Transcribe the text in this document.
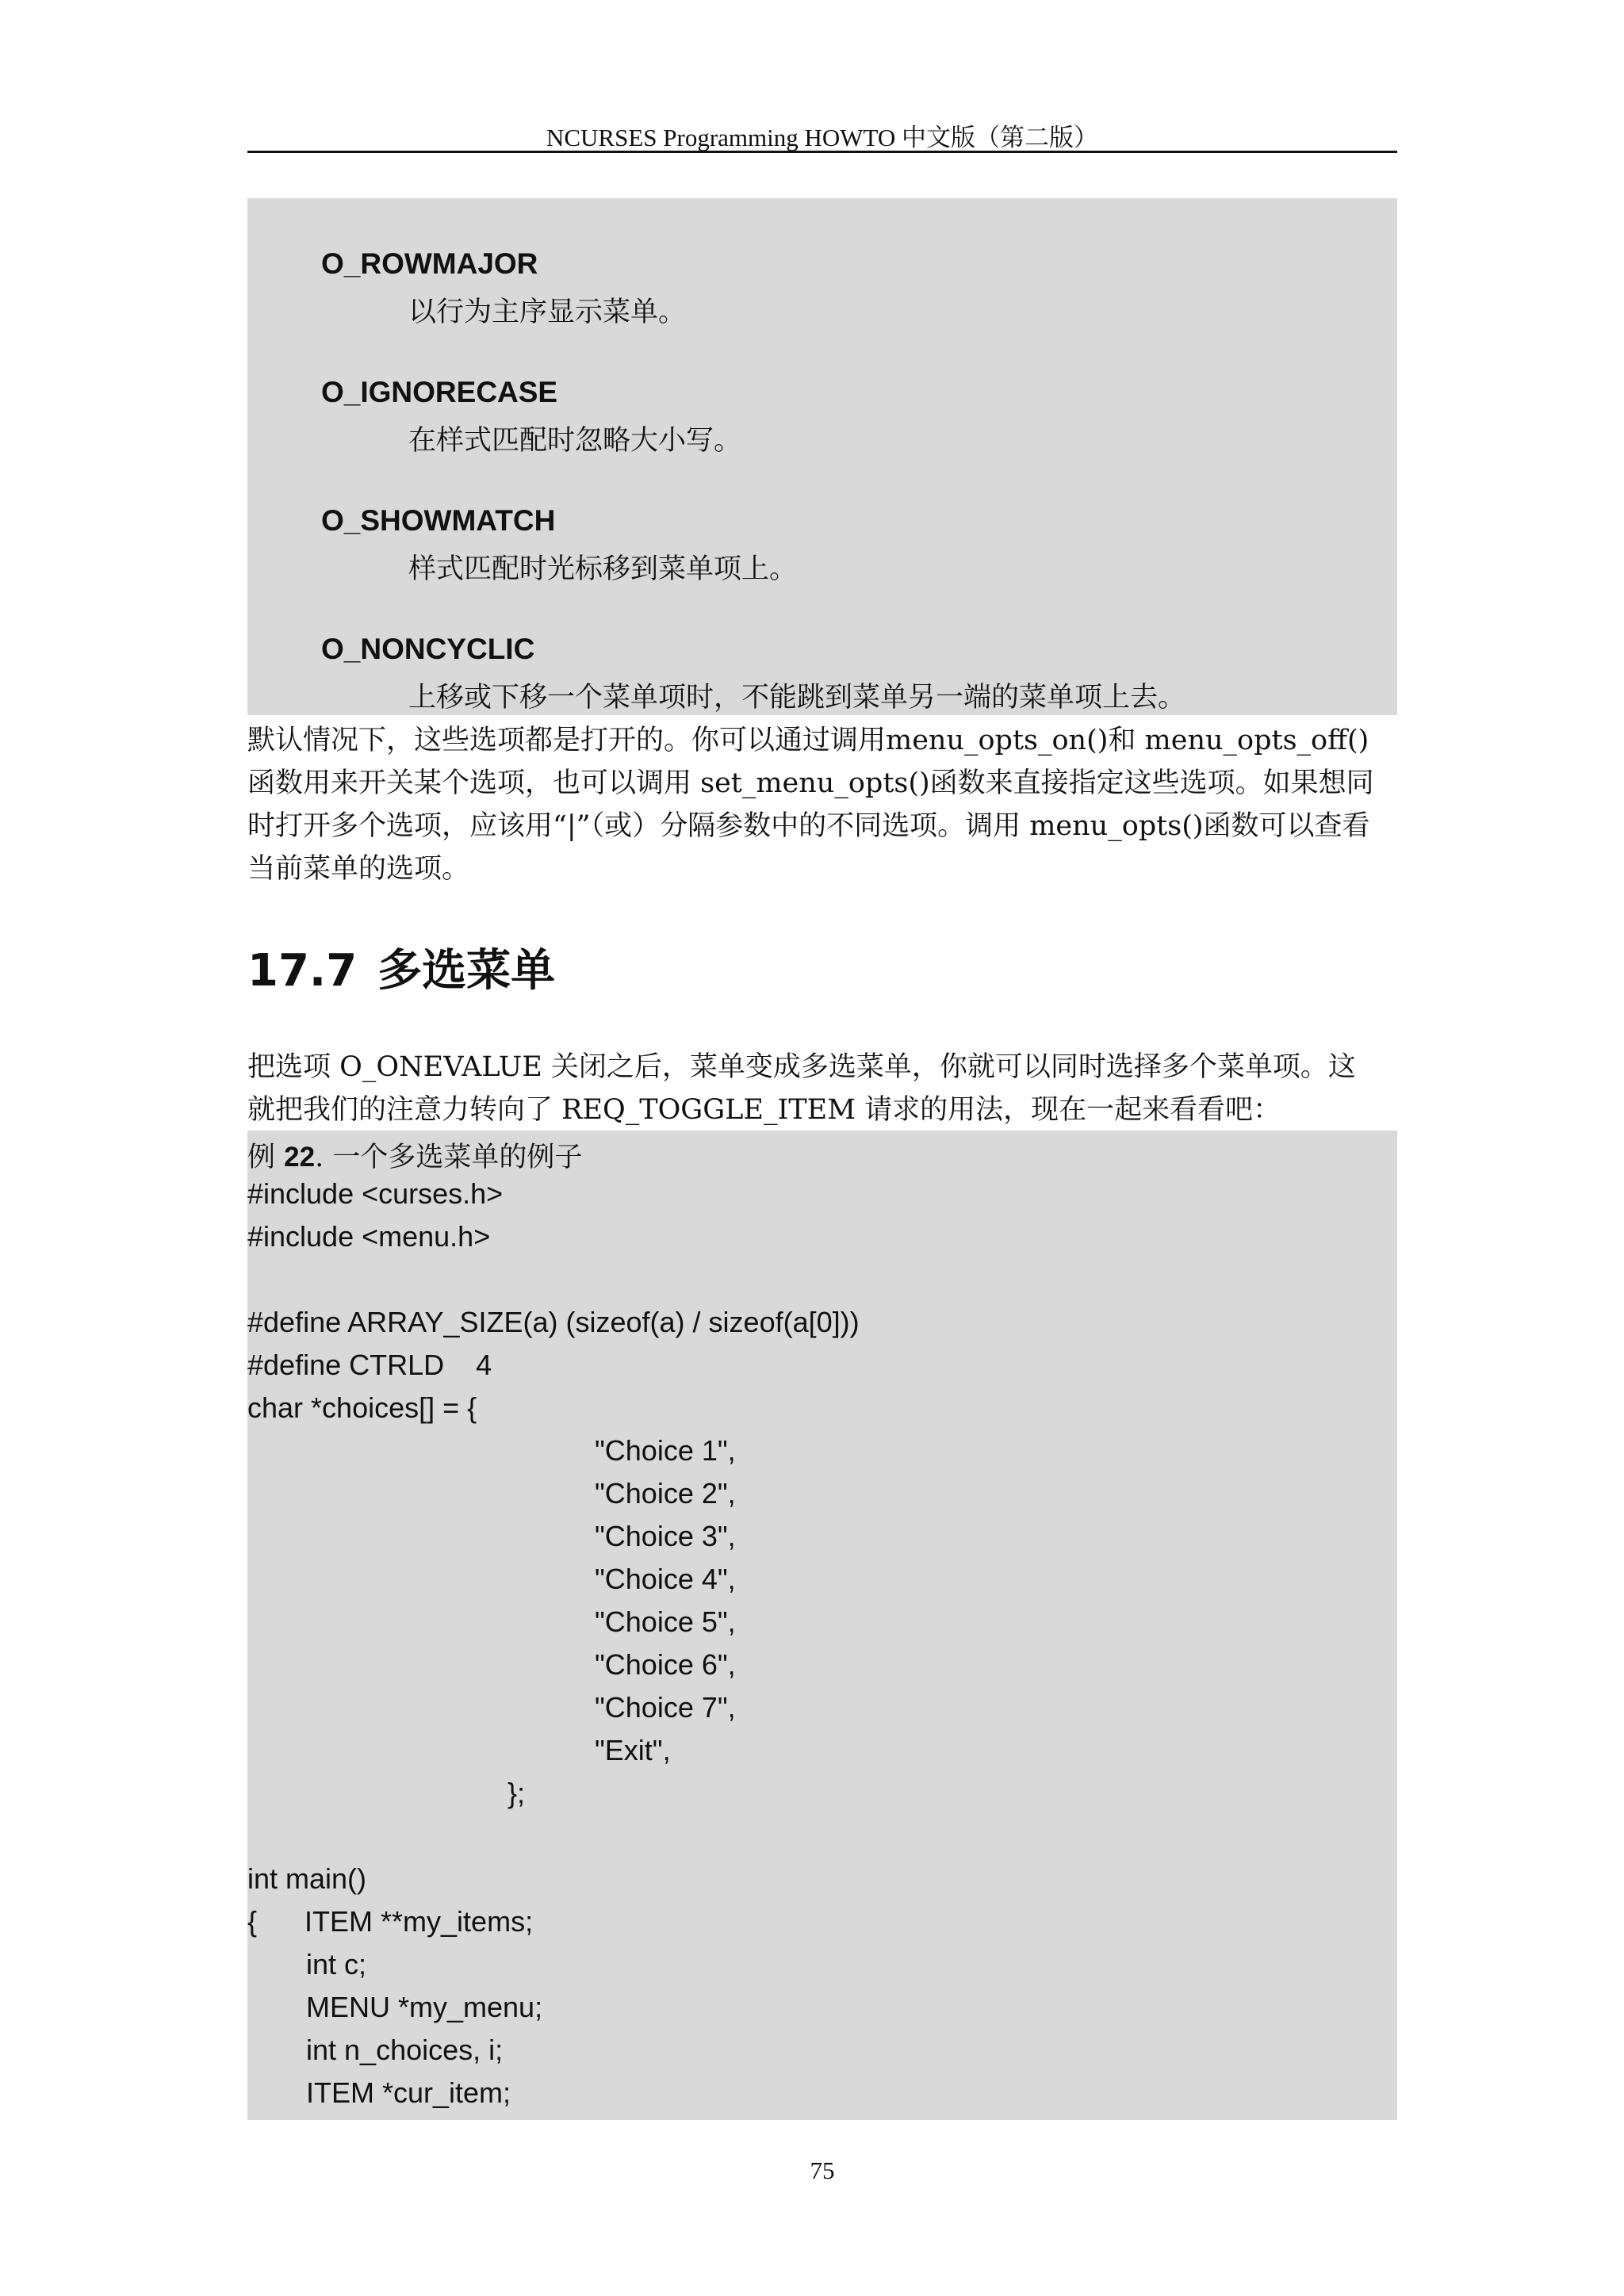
NCURSES Programming HOWTO 中文版（第二版）
O_ROWMAJOR
以行为主序显示菜单。
O_IGNORECASE
在样式匹配时忽略大小写。
O_SHOWMATCH
样式匹配时光标移到菜单项上。
O_NONCYCLIC
上移或下移一个菜单项时，不能跳到菜单另一端的菜单项上去。
默认情况下，这些选项都是打开的。你可以通过调用menu_opts_on()和 menu_opts_off()
函数用来开关某个选项，也可以调用 set_menu_opts()函数来直接指定这些选项。如果想同
时打开多个选项，应该用“|”（或）分隔参数中的不同选项。调用 menu_opts()函数可以查看
当前菜单的选项。
17.7 多选菜单
把选项 O_ONEVALUE 关闭之后，菜单变成多选菜单，你就可以同时选择多个菜单项。这
就把我们的注意力转向了 REQ_TOGGLE_ITEM 请求的用法，现在一起来看看吧：
例 22. 一个多选菜单的例子
#include <curses.h>
#include <menu.h>
#define ARRAY_SIZE(a) (sizeof(a) / sizeof(a[0]))
#define CTRLD    4
char *choices[] = {
"Choice 1",
"Choice 2",
"Choice 3",
"Choice 4",
"Choice 5",
"Choice 6",
"Choice 7",
"Exit",
};
int main()
{      ITEM **my_items;
int c;
MENU *my_menu;
int n_choices, i;
ITEM *cur_item;
75
